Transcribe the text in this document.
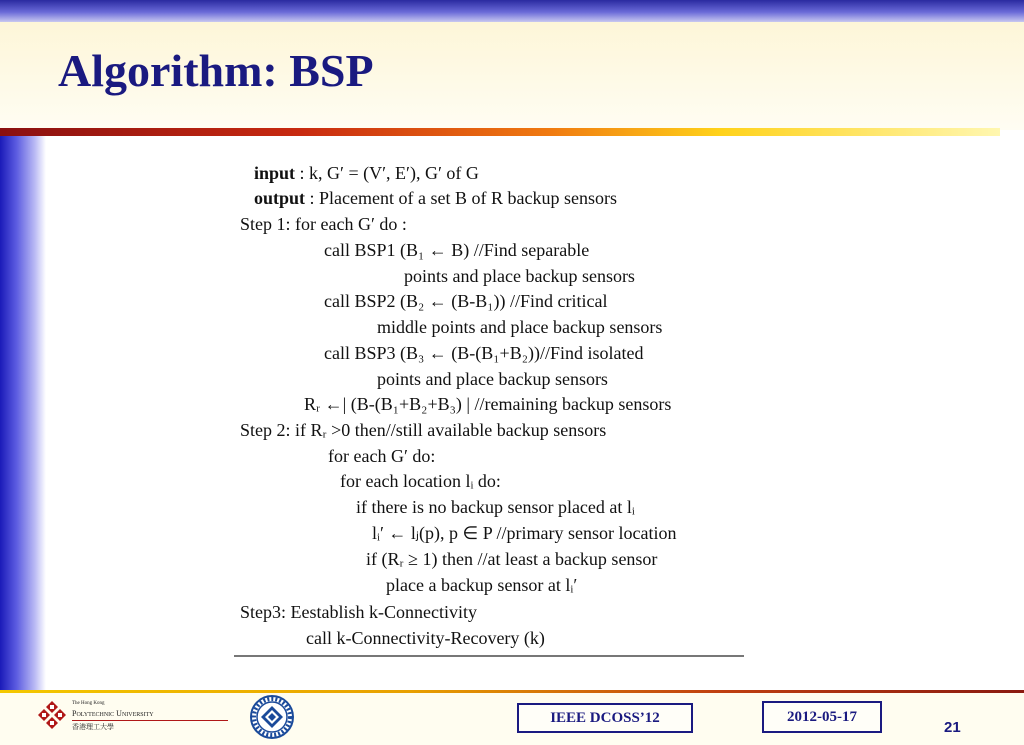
Algorithm: BSP
input : k, G′ = (V′, E′), G′ of G
output : Placement of a set B of R backup sensors
Step 1: for each G′ do :
call BSP1 (B₁ ← B) //Find separable
points and place backup sensors
call BSP2 (B₂ ← (B-B₁)) //Find critical
middle points and place backup sensors
call BSP3 (B₃ ← (B-(B₁+B₂))//Find isolated
points and place backup sensors
Rᵣ ←| (B-(B₁+B₂+B₃) | //remaining backup sensors
Step 2: if Rᵣ >0 then//still available backup sensors
for each G′ do:
for each location lᵢ do:
if there is no backup sensor placed at lᵢ
lᵢ′ ← lⱼ(p), p ∈ P //primary sensor location
if (Rᵣ ≥ 1) then //at least a backup sensor
place a backup sensor at lᵢ′
Step3: Eestablish k-Connectivity
call k-Connectivity-Recovery (k)
The Hong Kong
Polytechnic University
香港理工大學
IEEE DCOSS’12	2012-05-17
21
